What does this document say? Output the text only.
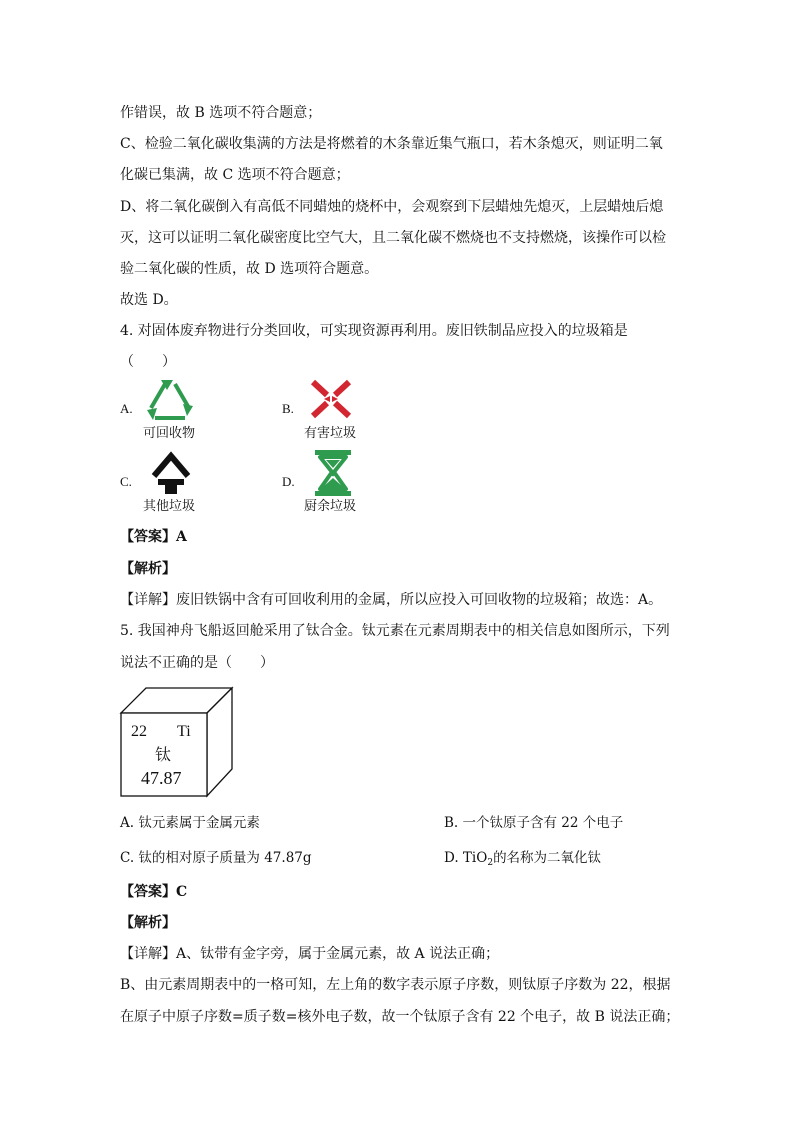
作错误，故 B 选项不符合题意；
C、检验二氧化碳收集满的方法是将燃着的木条靠近集气瓶口，若木条熄灭，则证明二氧
化碳已集满，故 C 选项不符合题意；
D、将二氧化碳倒入有高低不同蜡烛的烧杯中，会观察到下层蜡烛先熄灭，上层蜡烛后熄
灭，这可以证明二氧化碳密度比空气大，且二氧化碳不燃烧也不支持燃烧，该操作可以检
验二氧化碳的性质，故 D 选项符合题意。
故选 D。
4. 对固体废弃物进行分类回收，可实现资源再利用。废旧铁制品应投入的垃圾箱是
（　　）
A.
可回收物
B.
有害垃圾
C.
其他垃圾
D.
厨余垃圾
【答案】A
【解析】
【详解】废旧铁锅中含有可回收利用的金属，所以应投入可回收物的垃圾箱；故选：A。
5. 我国神舟飞船返回舱采用了钛合金。钛元素在元素周期表中的相关信息如图所示，下列
说法不正确的是（　　）
22 Ti
钛
47.87
A. 钛元素属于金属元素	B. 一个钛原子含有 22 个电子
C. 钛的相对原子质量为 47.87g	D. TiO$_2$的名称为二氧化钛
【答案】C
【解析】
【详解】A、钛带有金字旁，属于金属元素，故 A 说法正确；
B、由元素周期表中的一格可知，左上角的数字表示原子序数，则钛原子序数为 22，根据
在原子中原子序数=质子数=核外电子数，故一个钛原子含有 22 个电子，故 B 说法正确；
